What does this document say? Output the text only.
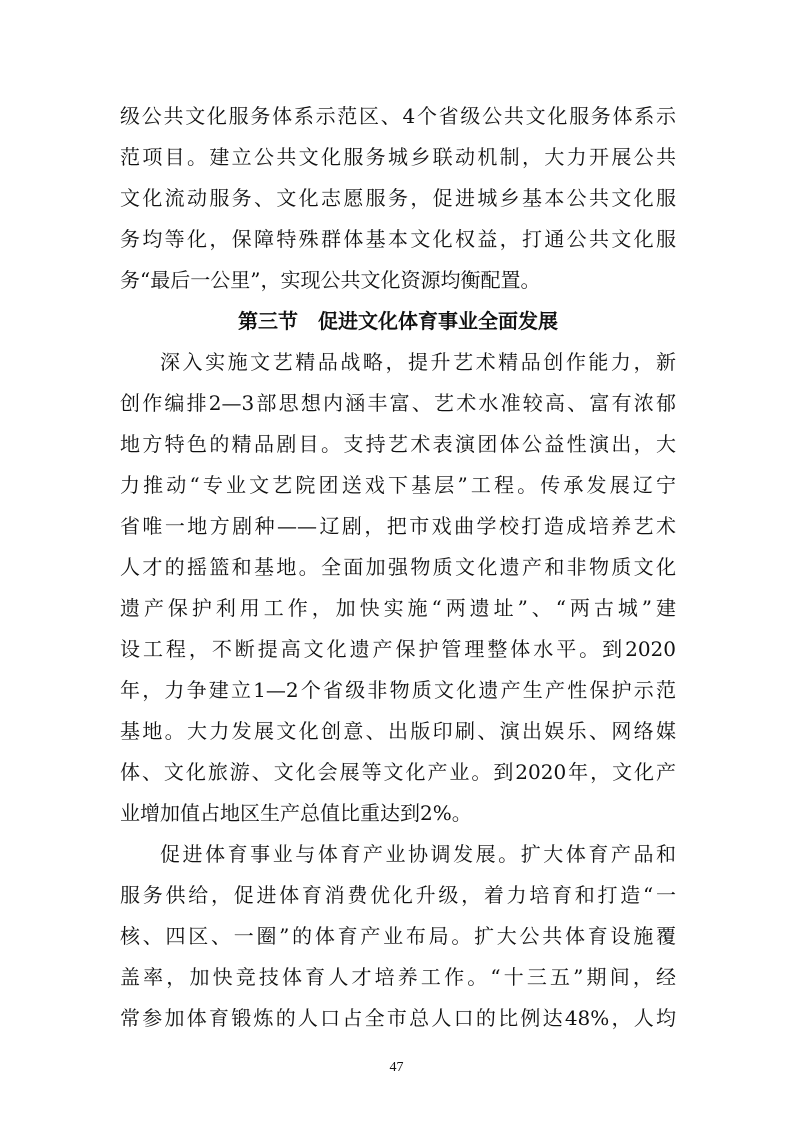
级公共文化服务体系示范区、4个省级公共文化服务体系示
范项目。建立公共文化服务城乡联动机制，大力开展公共
文化流动服务、文化志愿服务，促进城乡基本公共文化服
务均等化，保障特殊群体基本文化权益，打通公共文化服
务“最后一公里”，实现公共文化资源均衡配置。
第三节　促进文化体育事业全面发展
深入实施文艺精品战略，提升艺术精品创作能力，新
创作编排2—3部思想内涵丰富、艺术水准较高、富有浓郁
地方特色的精品剧目。支持艺术表演团体公益性演出，大
力推动“专业文艺院团送戏下基层”工程。传承发展辽宁
省唯一地方剧种——辽剧，把市戏曲学校打造成培养艺术
人才的摇篮和基地。全面加强物质文化遗产和非物质文化
遗产保护利用工作，加快实施“两遗址”、“两古城”建
设工程，不断提高文化遗产保护管理整体水平。到2020
年，力争建立1—2个省级非物质文化遗产生产性保护示范
基地。大力发展文化创意、出版印刷、演出娱乐、网络媒
体、文化旅游、文化会展等文化产业。到2020年，文化产
业增加值占地区生产总值比重达到2%。
促进体育事业与体育产业协调发展。扩大体育产品和
服务供给，促进体育消费优化升级，着力培育和打造“一
核、四区、一圈”的体育产业布局。扩大公共体育设施覆
盖率，加快竞技体育人才培养工作。“十三五”期间，经
常参加体育锻炼的人口占全市总人口的比例达48%，人均
47
